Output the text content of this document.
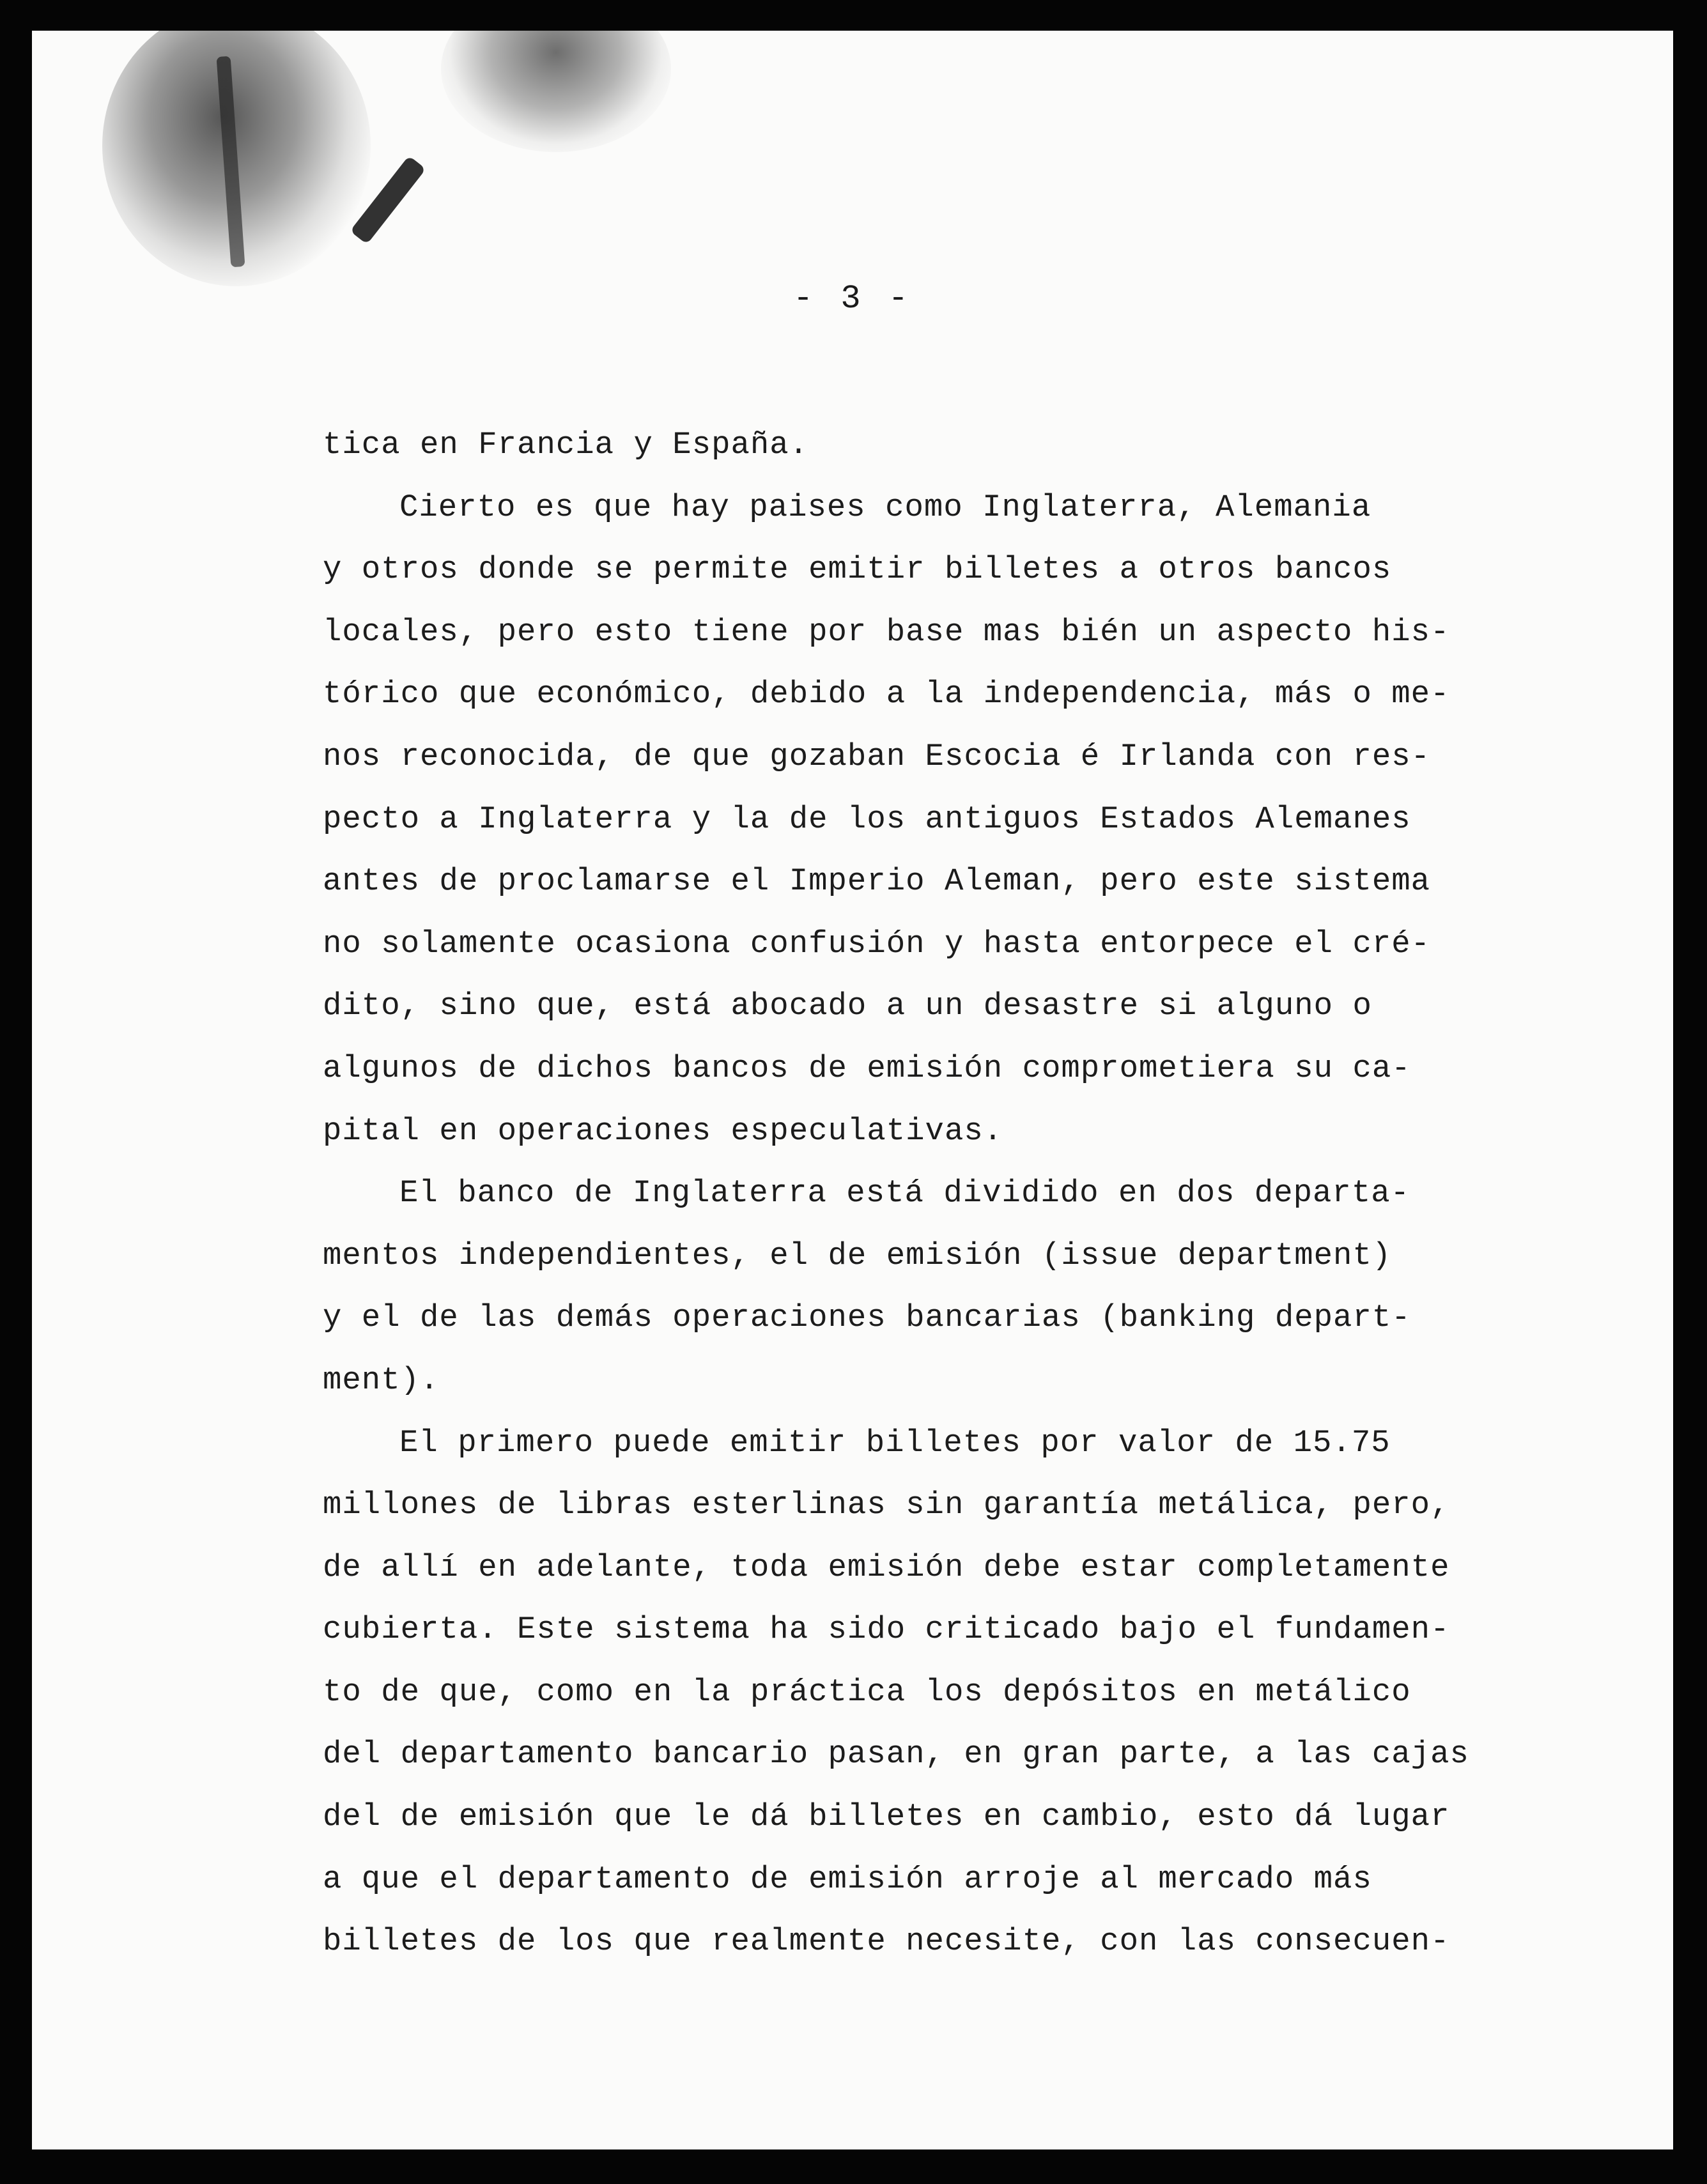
- 3 -
tica en Francia y España.
Cierto es que hay paises como Inglaterra, Alemania
y otros donde se permite emitir billetes a otros bancos
locales, pero esto tiene por base mas bién un aspecto his-
tórico que económico, debido a la independencia, más o me-
nos reconocida, de que gozaban Escocia é Irlanda con res-
pecto a Inglaterra y la de los antiguos Estados Alemanes
antes de proclamarse el Imperio Aleman, pero este sistema
no solamente ocasiona confusión y hasta entorpece el cré-
dito, sino que, está abocado a un desastre si alguno o
algunos de dichos bancos de emisión comprometiera su ca-
pital en operaciones especulativas.
El banco de Inglaterra está dividido en dos departa-
mentos independientes, el de emisión (issue department)
y el de las demás operaciones bancarias (banking depart-
ment).
El primero puede emitir billetes por valor de 15.75
millones de libras esterlinas sin garantía metálica, pero,
de allí en adelante, toda emisión debe estar completamente
cubierta. Este sistema ha sido criticado bajo el fundamen-
to de que, como en la práctica los depósitos en metálico
del departamento bancario pasan, en gran parte, a las cajas
del de emisión que le dá billetes en cambio, esto dá lugar
a que el departamento de emisión arroje al mercado más
billetes de los que realmente necesite, con las consecuen-
